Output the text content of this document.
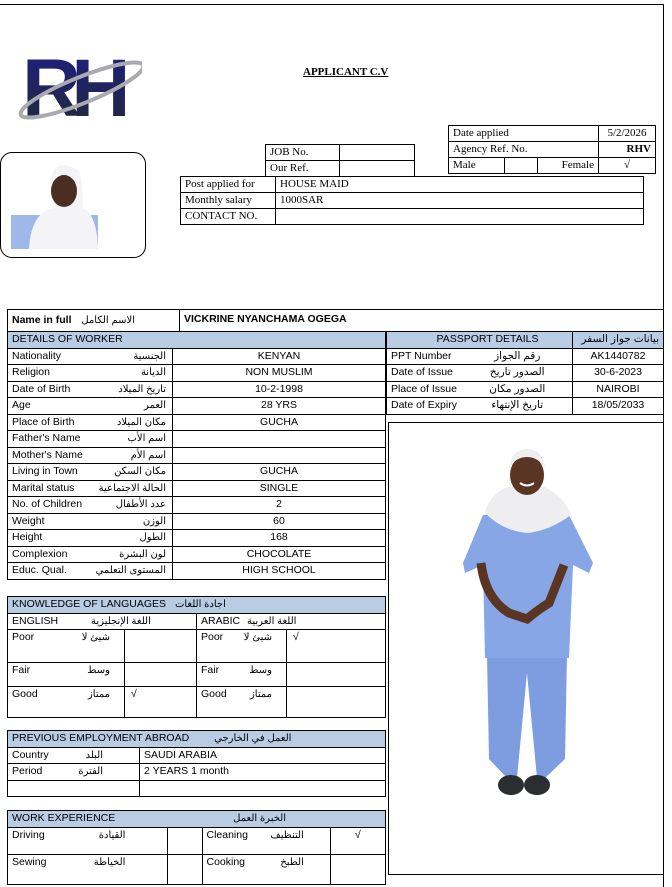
RH	APPLICANT C.V
JOB No.	
Our Ref.	
Date applied			5/2/2026
Agency Ref. No.			RHV
Male		Female	√
Post applied for	HOUSE MAID
Monthly salary	1000SAR
CONTACT NO.	
Name in full الاسم الكامل	VICKRINE NYANCHAMA OGEGA
DETAILS OF WORKER	

Nationality الجنسية	KENYAN

Religion الديانة	NON MUSLIM

Date of Birth تاريخ الميلاد	10-2-1998

Age العمر	28 YRS

Place of Birth مكان الميلاد	GUCHA

Father's Name اسم الأب	

Mother's Name اسم الأم	

Living in Town مكان السكن	GUCHA

Marital status الحالة الاجتماعية	SINGLE

No. of Children عدد الأطفال	2

Weight الوزن	60

Height الطول	168

Complexion لون البشرة	CHOCOLATE

Educ. Qual. المستوى التعلمي	HIGH SCHOOL
PASSPORT DETAILS		بيانات جواز السفر
PPT Number	رقم الجواز	AK1440782
Date of Issue	الصدور تاريخ	30-6-2023
Place of Issue	الصدور مكان	NAIROBI
Date of Expiry	تاريخ الإنتهاء	18/05/2033
KNOWLEDGE OF LANGUAGES اجادة اللغات			
ENGLISH اللغة الإنجليزية		ARABIC اللغة العربية	

Poor شيئ لا		Poor شيئ لا	√

Fair وسط		Fair وسط	

Good ممتاز	√	Good ممتاز	

PREVIOUS EMPLOYMENT ABROAD العمل في الخارجي	

Country البلد	SAUDI ARABIA

Period الفترة	2 YEARS 1 month

WORK EXPERIENCE الخبرة العمل			

Driving القيادة		Cleaning التنظيف	√

Sewing الخياطة		Cooking الطبخ	
